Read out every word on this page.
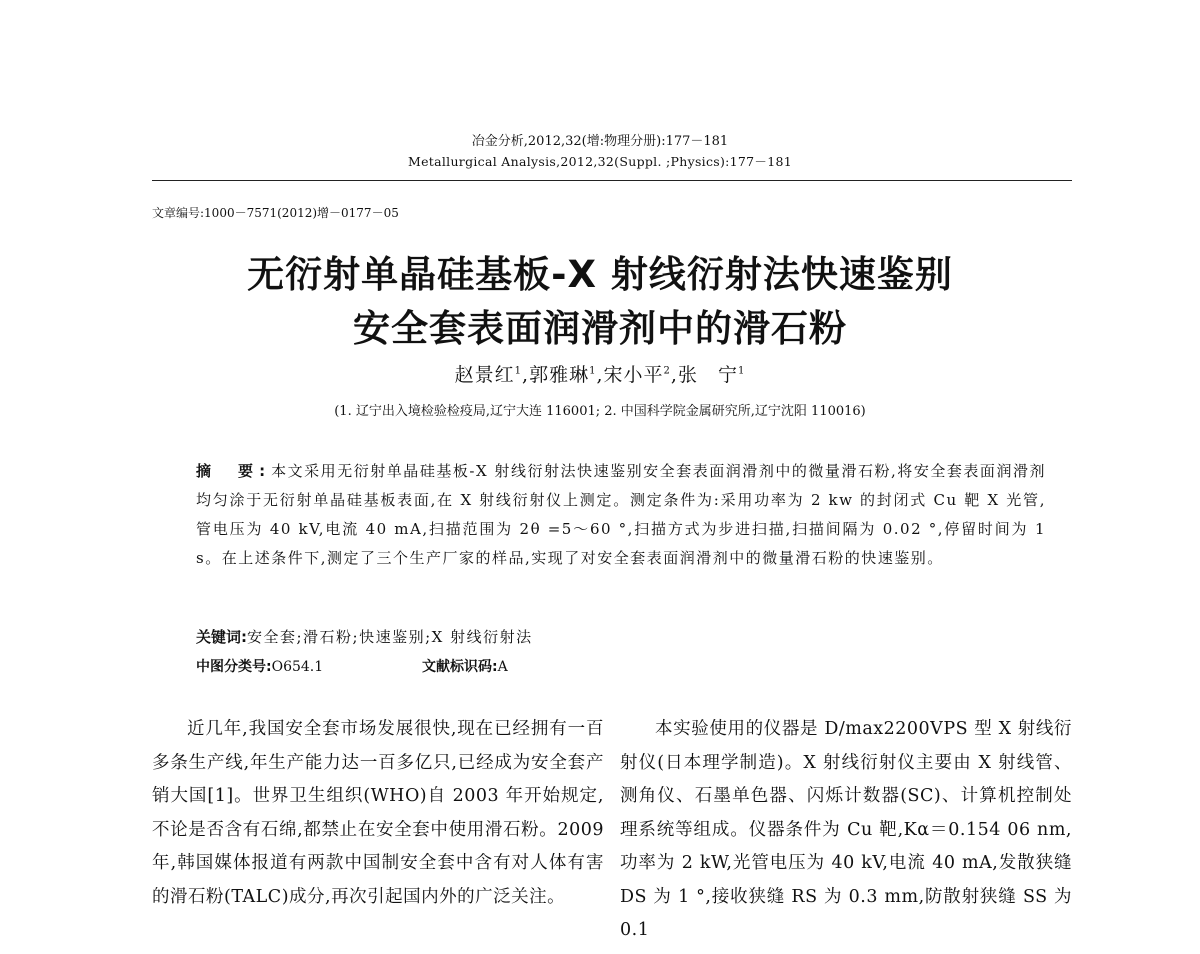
冶金分析,2012,32(增:物理分册):177－181
Metallurgical Analysis,2012,32(Suppl. ;Physics):177－181
文章编号:1000－7571(2012)增－0177－05
无衍射单晶硅基板-X 射线衍射法快速鉴别
安全套表面润滑剂中的滑石粉
赵景红$^1$,郭雅琳$^1$,宋小平$^2$,张　宁$^1$
(1. 辽宁出入境检验检疫局,辽宁大连 116001; 2. 中国科学院金属研究所,辽宁沈阳 110016)
摘　要:本文采用无衍射单晶硅基板-X 射线衍射法快速鉴别安全套表面润滑剂中的微量滑石粉,将安全套表面润滑剂均匀涂于无衍射单晶硅基板表面,在 X 射线衍射仪上测定。测定条件为:采用功率为 2 kw 的封闭式 Cu 靶 X 光管,管电压为 40 kV,电流 40 mA,扫描范围为 2θ =5～60 °,扫描方式为步进扫描,扫描间隔为 0.02 °,停留时间为 1 s。在上述条件下,测定了三个生产厂家的样品,实现了对安全套表面润滑剂中的微量滑石粉的快速鉴别。
关键词:安全套;滑石粉;快速鉴别;X 射线衍射法
中图分类号:O654.1	文献标识码:A

近几年,我国安全套市场发展很快,现在已经拥有一百多条生产线,年生产能力达一百多亿只,已经成为安全套产销大国[1]。世界卫生组织(WHO)自 2003 年开始规定,不论是否含有石绵,都禁止在安全套中使用滑石粉。2009 年,韩国媒体报道有两款中国制安全套中含有对人体有害的滑石粉(TALC)成分,再次引起国内外的广泛关注。

本实验使用的仪器是 D/max2200VPS 型 X 射线衍射仪(日本理学制造)。X 射线衍射仪主要由 X 射线管、测角仪、石墨单色器、闪烁计数器(SC)、计算机控制处理系统等组成。仪器条件为 Cu 靶,Kα＝0.154 06 nm,功率为 2 kW,光管电压为 40 kV,电流 40 mA,发散狭缝 DS 为 1 °,接收狭缝 RS 为 0.3 mm,防散射狭缝 SS 为 0.1
